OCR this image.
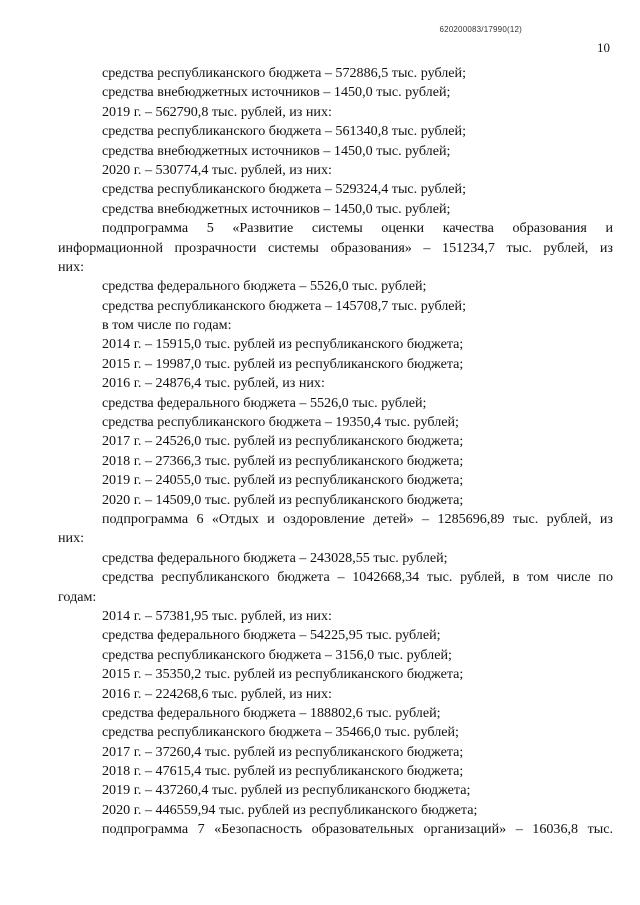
620200083/17990(12)
10
средства республиканского бюджета – 572886,5 тыс. рублей;
средства внебюджетных источников – 1450,0 тыс. рублей;
2019 г. – 562790,8 тыс. рублей, из них:
средства республиканского бюджета – 561340,8 тыс. рублей;
средства внебюджетных источников – 1450,0 тыс. рублей;
2020 г. – 530774,4 тыс. рублей, из них:
средства республиканского бюджета – 529324,4 тыс. рублей;
средства внебюджетных источников – 1450,0 тыс. рублей;
подпрограмма 5 «Развитие системы оценки качества образования и
информационной прозрачности системы образования» – 151234,7 тыс. рублей, из
них:
средства федерального бюджета – 5526,0 тыс. рублей;
средства республиканского бюджета – 145708,7 тыс. рублей;
в том числе по годам:
2014 г. – 15915,0 тыс. рублей из республиканского бюджета;
2015 г. – 19987,0 тыс. рублей из республиканского бюджета;
2016 г. – 24876,4 тыс. рублей, из них:
средства федерального бюджета – 5526,0 тыс. рублей;
средства республиканского бюджета – 19350,4 тыс. рублей;
2017 г. – 24526,0 тыс. рублей из республиканского бюджета;
2018 г. – 27366,3 тыс. рублей из республиканского бюджета;
2019 г. – 24055,0 тыс. рублей из республиканского бюджета;
2020 г. – 14509,0 тыс. рублей из республиканского бюджета;
подпрограмма 6 «Отдых и оздоровление детей» – 1285696,89 тыс. рублей, из
них:
средства федерального бюджета – 243028,55 тыс. рублей;
средства республиканского бюджета – 1042668,34 тыс. рублей, в том числе по
годам:
2014 г. – 57381,95 тыс. рублей, из них:
средства федерального бюджета – 54225,95 тыс. рублей;
средства республиканского бюджета – 3156,0 тыс. рублей;
2015 г. – 35350,2 тыс. рублей из республиканского бюджета;
2016 г. – 224268,6 тыс. рублей, из них:
средства федерального бюджета – 188802,6 тыс. рублей;
средства республиканского бюджета – 35466,0 тыс. рублей;
2017 г. – 37260,4 тыс. рублей из республиканского бюджета;
2018 г. – 47615,4 тыс. рублей из республиканского бюджета;
2019 г. – 437260,4 тыс. рублей из республиканского бюджета;
2020 г. – 446559,94 тыс. рублей из республиканского бюджета;
подпрограмма 7 «Безопасность образовательных организаций» – 16036,8 тыс.
